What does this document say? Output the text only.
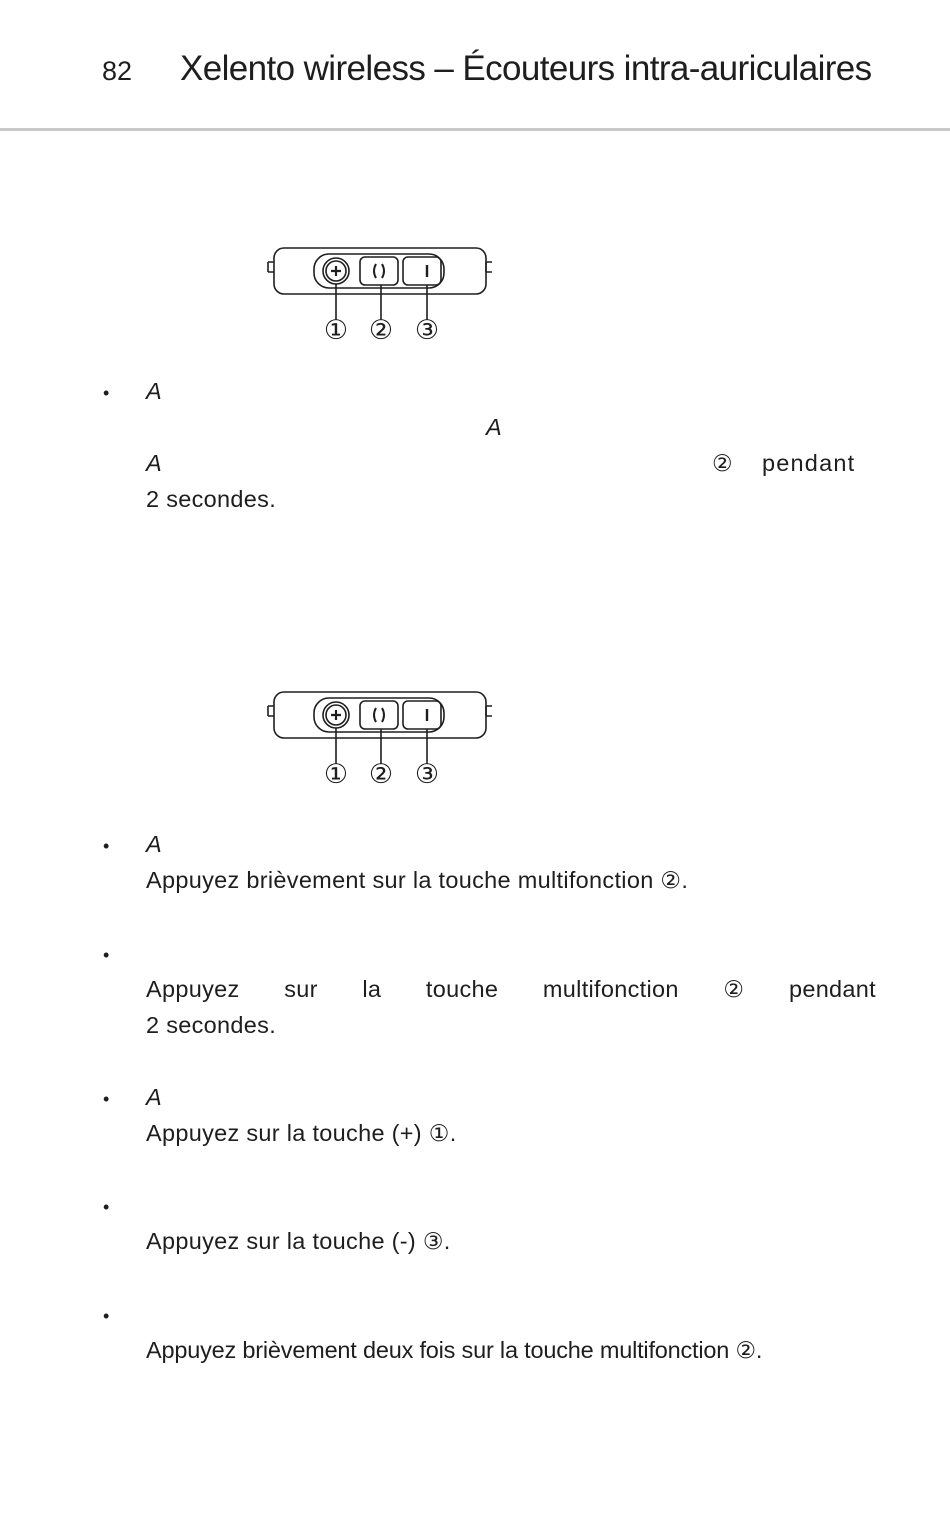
82 Xelento wireless – Écouteurs intra-auriculaires
① ② ③
• A
A
A	② pendant
2 secondes.
① ② ③
• A
Appuyez brièvement sur la touche multifonction ②.
•
Appuyez sur la touche multifonction ② pendant
2 secondes.
• A
Appuyez sur la touche (+) ①.
•
Appuyez sur la touche (-) ③.
•
Appuyez brièvement deux fois sur la touche multifonction ②.
